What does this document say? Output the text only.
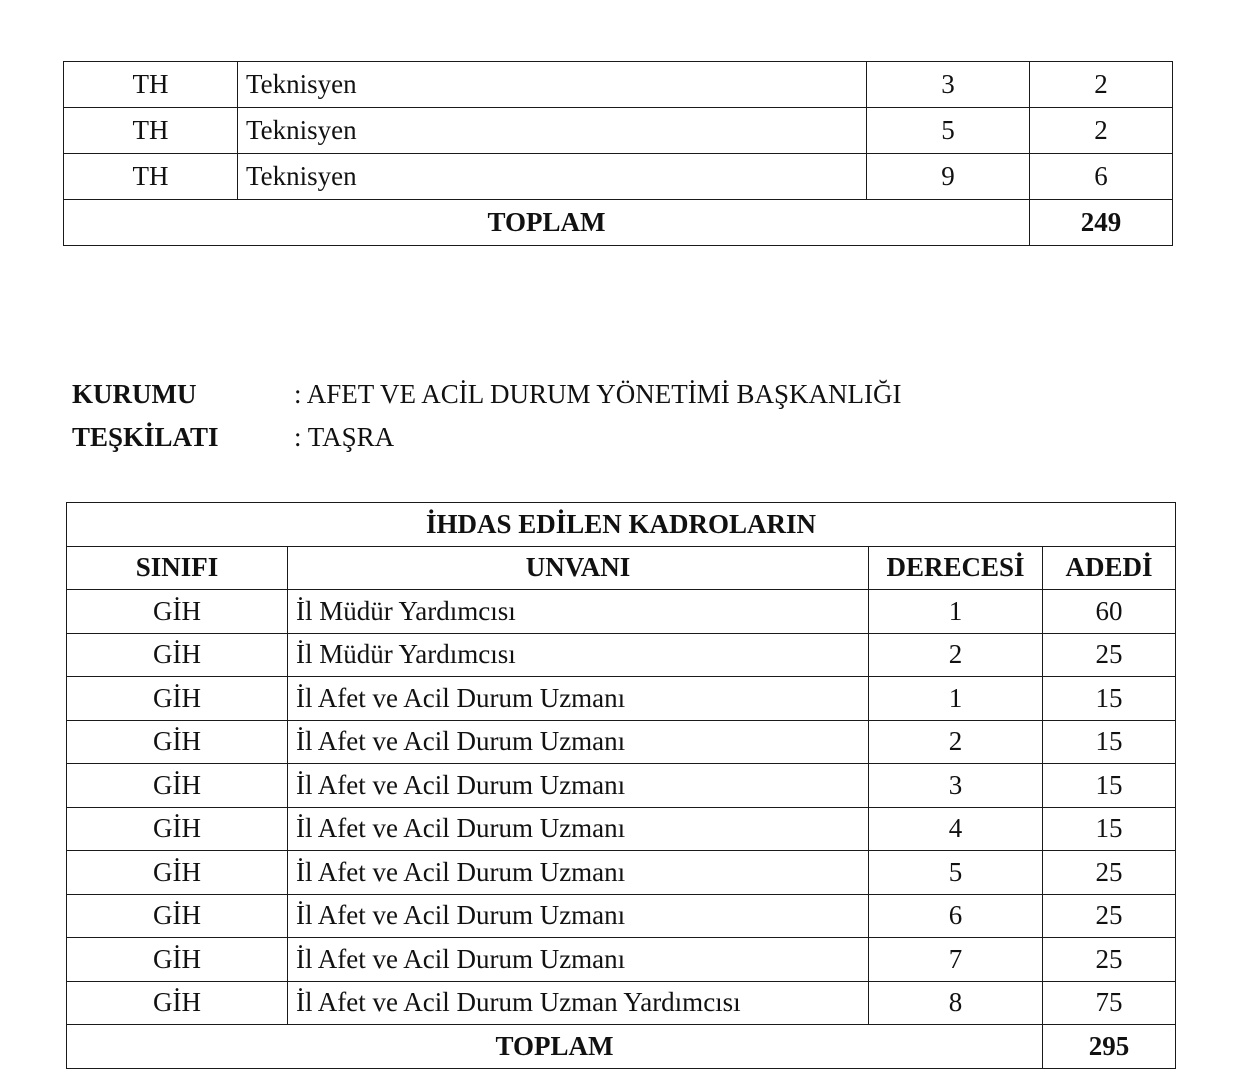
TH	Teknisyen	3	2
TH	Teknisyen	5	2
TH	Teknisyen	9	6
TOPLAM			249
KURUMU	: AFET VE ACİL DURUM YÖNETİMİ BAŞKANLIĞI
TEŞKİLATI	: TAŞRA
İHDAS EDİLEN KADROLARIN			
SINIFI	UNVANI	DERECESİ	ADEDİ
GİH	İl Müdür Yardımcısı	1	60
GİH	İl Müdür Yardımcısı	2	25
GİH	İl Afet ve Acil Durum Uzmanı	1	15
GİH	İl Afet ve Acil Durum Uzmanı	2	15
GİH	İl Afet ve Acil Durum Uzmanı	3	15
GİH	İl Afet ve Acil Durum Uzmanı	4	15
GİH	İl Afet ve Acil Durum Uzmanı	5	25
GİH	İl Afet ve Acil Durum Uzmanı	6	25
GİH	İl Afet ve Acil Durum Uzmanı	7	25
GİH	İl Afet ve Acil Durum Uzman Yardımcısı	8	75
TOPLAM			295
